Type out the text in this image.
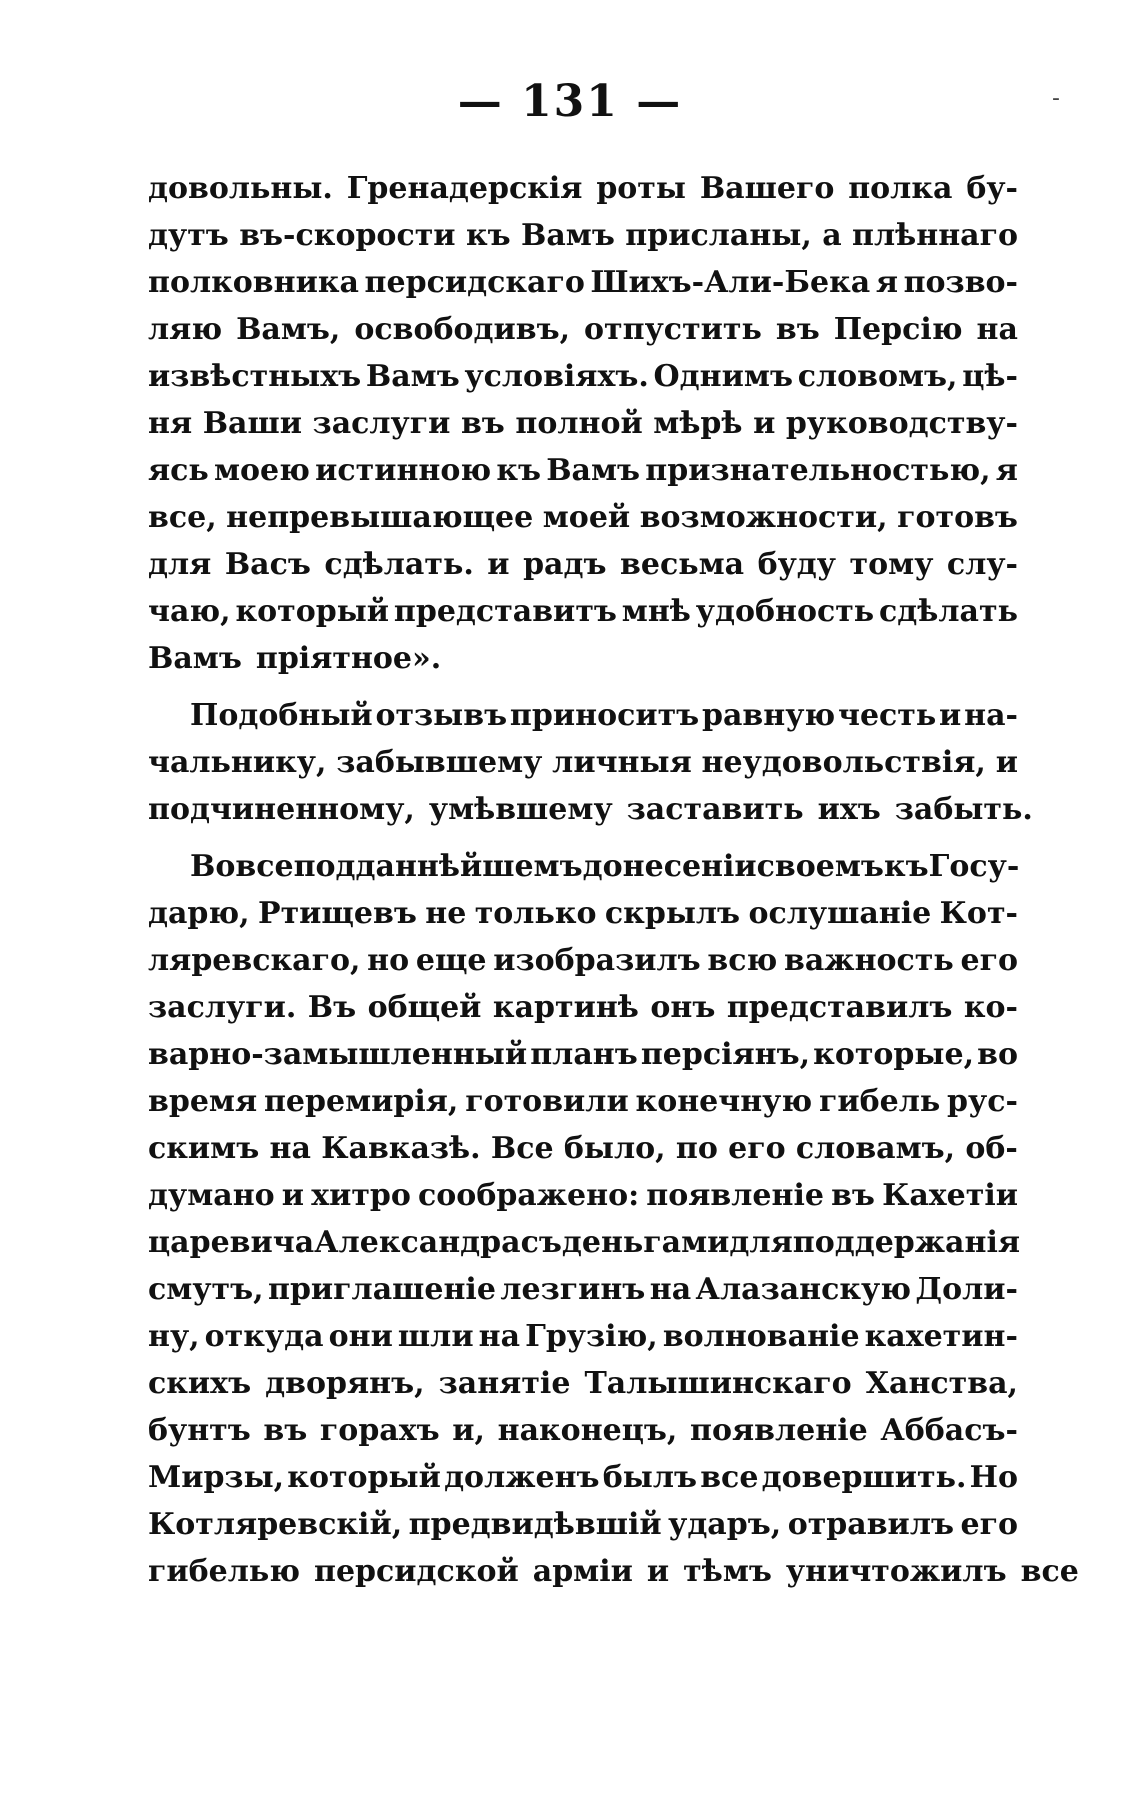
— 131 —	-
довольны. Гренадерскія роты Вашего полка бу-
дутъ въ-скорости къ Вамъ присланы, а плѣннаго
полковника персидскаго Шихъ-Али-Бека я позво-
ляю Вамъ, освободивъ, отпустить въ Персію на
извѣстныхъ Вамъ условіяхъ. Однимъ словомъ, цѣ-
ня Ваши заслуги въ полной мѣрѣ и руководству-
ясь моею истинною къ Вамъ признательностью, я
все, непревышающее моей возможности, готовъ
для Васъ сдѣлать. и радъ весьма буду тому слу-
чаю, который представитъ мнѣ удобность сдѣлать
Вамъ пріятное».
Подобный отзывъ приноситъ равную честь и на-
чальнику, забывшему личныя неудовольствія, и
подчиненному, умѣвшему заставить ихъ забыть.
Во всеподданнѣйшемъ донесеніи своемъ къ Госу-
дарю, Ртищевъ не только скрылъ ослушаніе Кот-
ляревскаго, но еще изобразилъ всю важность его
заслуги. Въ общей картинѣ онъ представилъ ко-
варно-замышленный планъ персіянъ, которые, во
время перемирія, готовили конечную гибель рус-
скимъ на Кавказѣ. Все было, по его словамъ, об-
думано и хитро соображено: появленіе въ Кахетіи
царевича Александра съ деньгами для поддержанія
смутъ, приглашеніе лезгинъ на Алазанскую Доли-
ну, откуда они шли на Грузію, волнованіе кахетин-
скихъ дворянъ, занятіе Талышинскаго Ханства,
бунтъ въ горахъ и, наконецъ, появленіе Аббасъ-
Мирзы, который долженъ былъ все довершить. Но
Котляревскій, предвидѣвшій ударъ, отравилъ его
гибелью персидской арміи и тѣмъ уничтожилъ все
